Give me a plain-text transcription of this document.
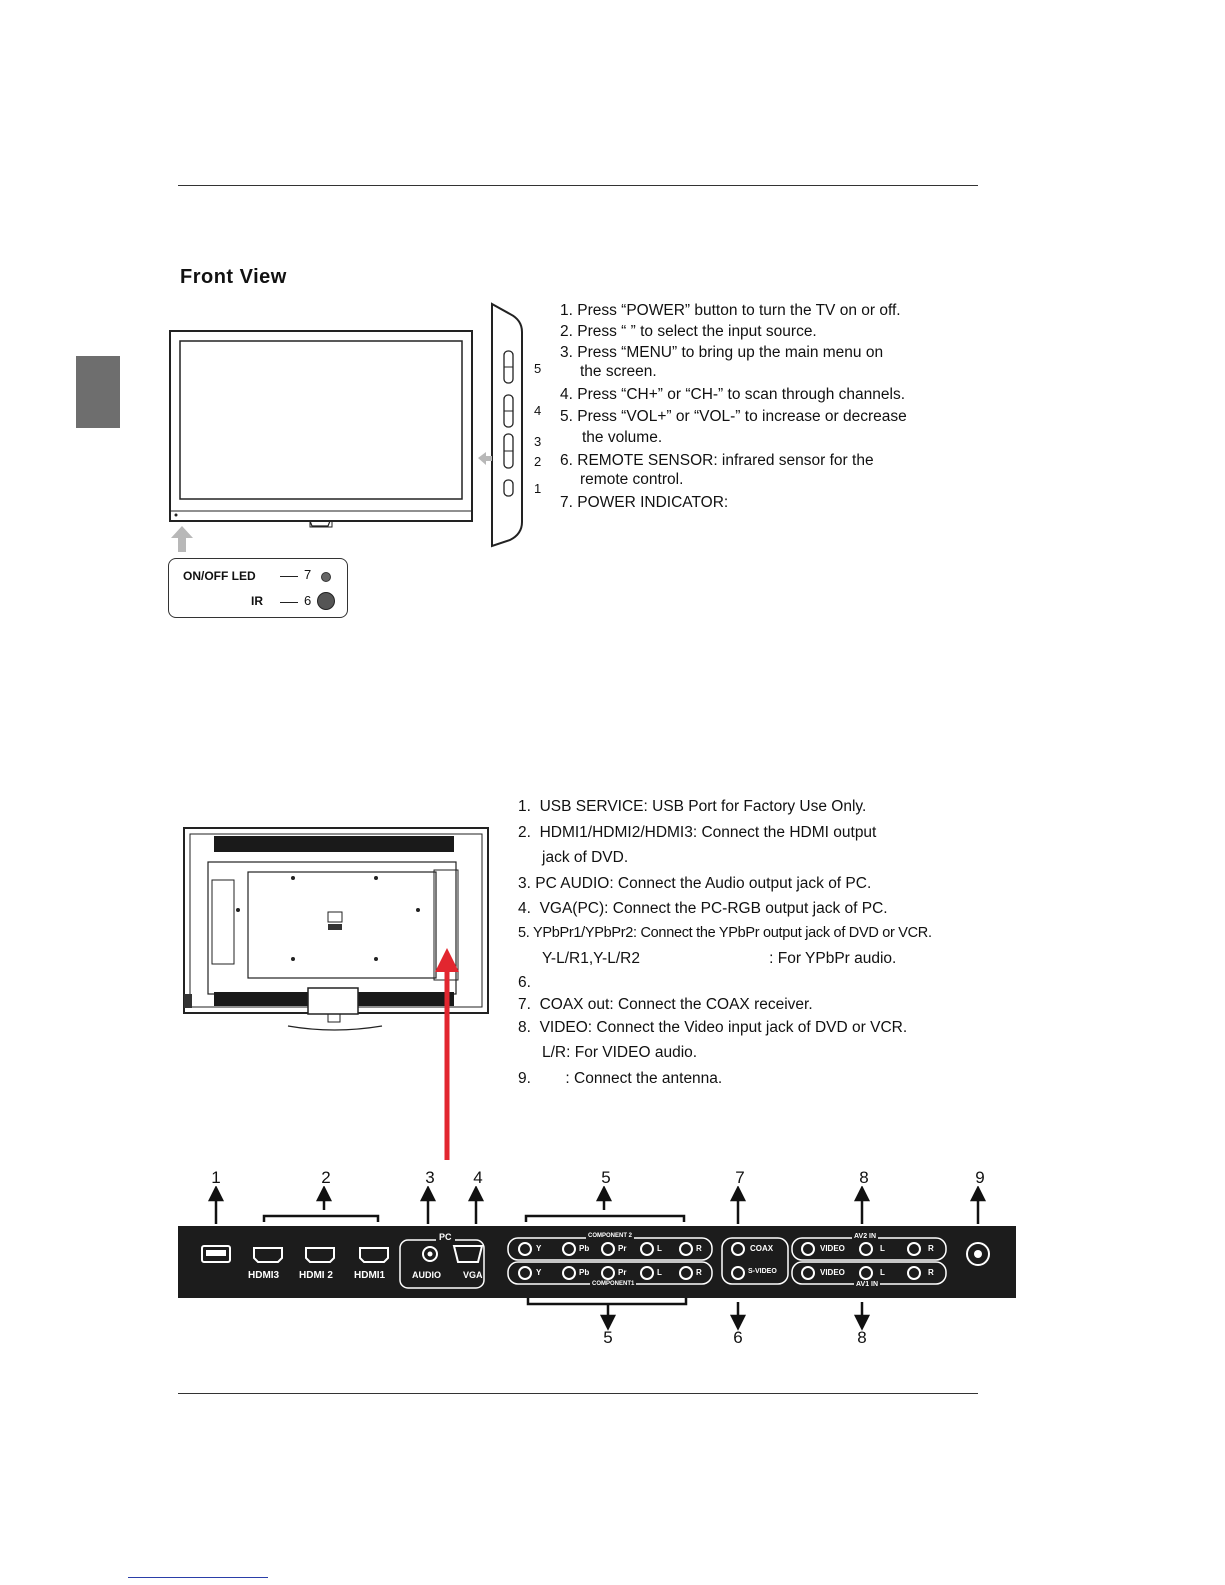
Front View
ON/OFF LED	7
IR	6
5
4
3
2
1
1. Press “POWER” button to turn the TV on or off.
2. Press “ ” to select the input source.
3. Press “MENU” to bring up the main menu on
the screen.
4. Press “CH+” or “CH-” to scan through channels.
5. Press “VOL+” or “VOL-” to increase or decrease
the volume.
6. REMOTE SENSOR: infrared sensor for the
remote control.
7. POWER INDICATOR:
1. USB SERVICE: USB Port for Factory Use Only.
2. HDMI1/HDMI2/HDMI3: Connect the HDMI output
jack of DVD.
3. PC AUDIO: Connect the Audio output jack of PC.
4. VGA(PC): Connect the PC-RGB output jack of PC.
5. YPbPr1/YPbPr2: Connect the YPbPr output jack of DVD or VCR.
Y-L/R1,Y-L/R2                              : For YPbPr audio.
6.
7. COAX out: Connect the COAX receiver.
8. VIDEO: Connect the Video input jack of DVD or VCR.
L/R: For VIDEO audio.
9.        : Connect the antenna.
1	2	3	4	5	7	8	9
HDMI3 HDMI 2 HDMI1
PC
AUDIO VGA
COMPONENT 2
COMPONENT1
Y	Pb	Pr	L	R
Y	Pb	Pr	L	R
COAX
S-VIDEO
AV2 IN
AV1 IN
VIDEO	L	R
VIDEO	L	R
5	6	8
